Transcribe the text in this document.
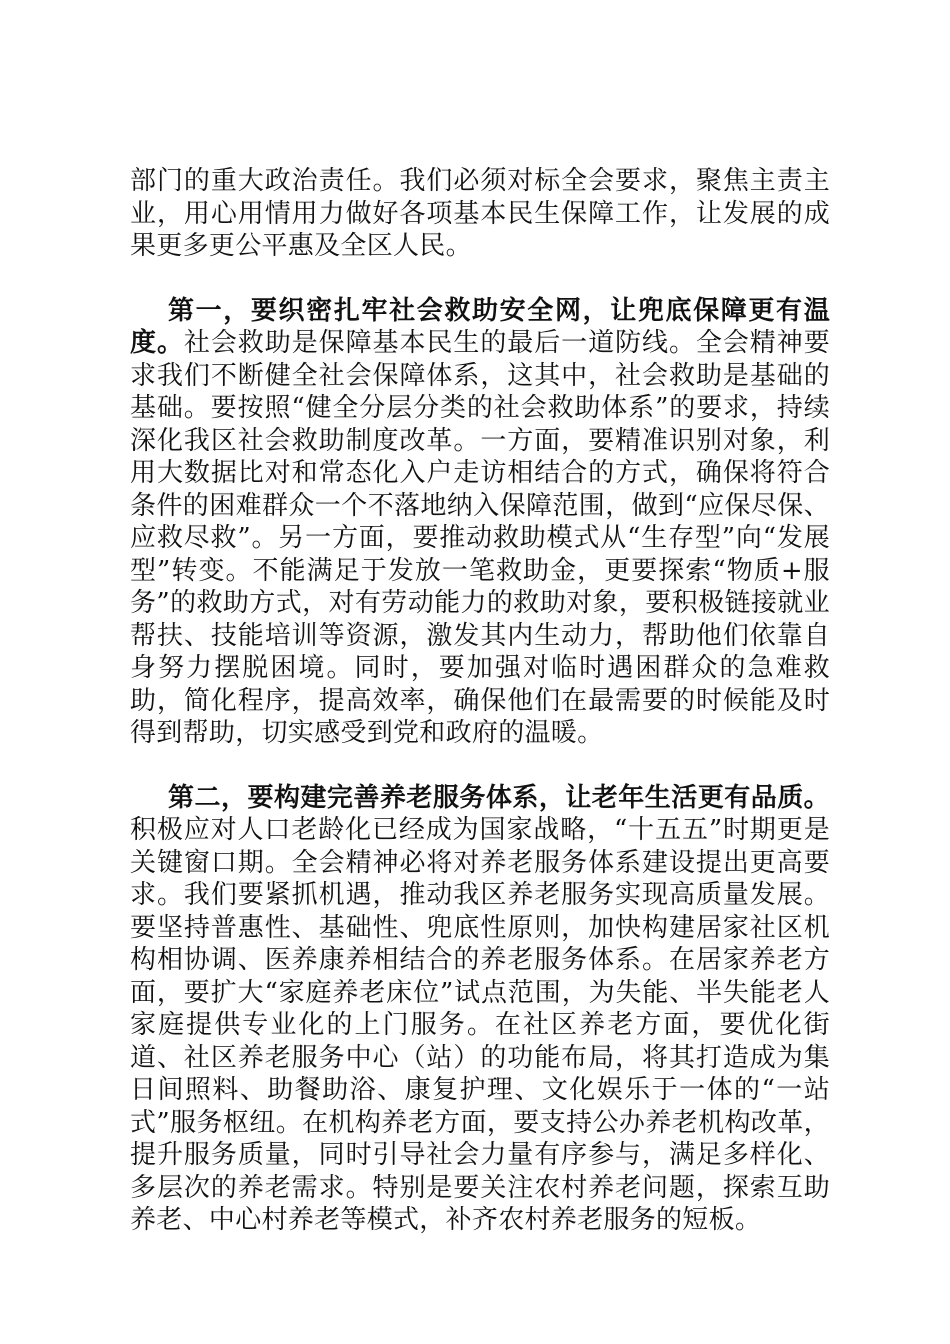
部门的重大政治责任。我们必须对标全会要求，聚焦主责主业，用心用情用力做好各项基本民生保障工作，让发展的成果更多更公平惠及全区人民。

第一，要织密扎牢社会救助安全网，让兜底保障更有温度。社会救助是保障基本民生的最后一道防线。全会精神要求我们不断健全社会保障体系，这其中，社会救助是基础的基础。要按照“健全分层分类的社会救助体系”的要求，持续深化我区社会救助制度改革。一方面，要精准识别对象，利用大数据比对和常态化入户走访相结合的方式，确保将符合条件的困难群众一个不落地纳入保障范围，做到“应保尽保、应救尽救”。另一方面，要推动救助模式从“生存型”向“发展型”转变。不能满足于发放一笔救助金，更要探索“物质+服务”的救助方式，对有劳动能力的救助对象，要积极链接就业帮扶、技能培训等资源，激发其内生动力，帮助他们依靠自身努力摆脱困境。同时，要加强对临时遇困群众的急难救助，简化程序，提高效率，确保他们在最需要的时候能及时得到帮助，切实感受到党和政府的温暖。

第二，要构建完善养老服务体系，让老年生活更有品质。积极应对人口老龄化已经成为国家战略，“十五五”时期更是关键窗口期。全会精神必将对养老服务体系建设提出更高要求。我们要紧抓机遇，推动我区养老服务实现高质量发展。要坚持普惠性、基础性、兜底性原则，加快构建居家社区机构相协调、医养康养相结合的养老服务体系。在居家养老方面，要扩大“家庭养老床位”试点范围，为失能、半失能老人家庭提供专业化的上门服务。在社区养老方面，要优化街道、社区养老服务中心（站）的功能布局，将其打造成为集日间照料、助餐助浴、康复护理、文化娱乐于一体的“一站式”服务枢纽。在机构养老方面，要支持公办养老机构改革，提升服务质量，同时引导社会力量有序参与，满足多样化、多层次的养老需求。特别是要关注农村养老问题，探索互助养老、中心村养老等模式，补齐农村养老服务的短板。
